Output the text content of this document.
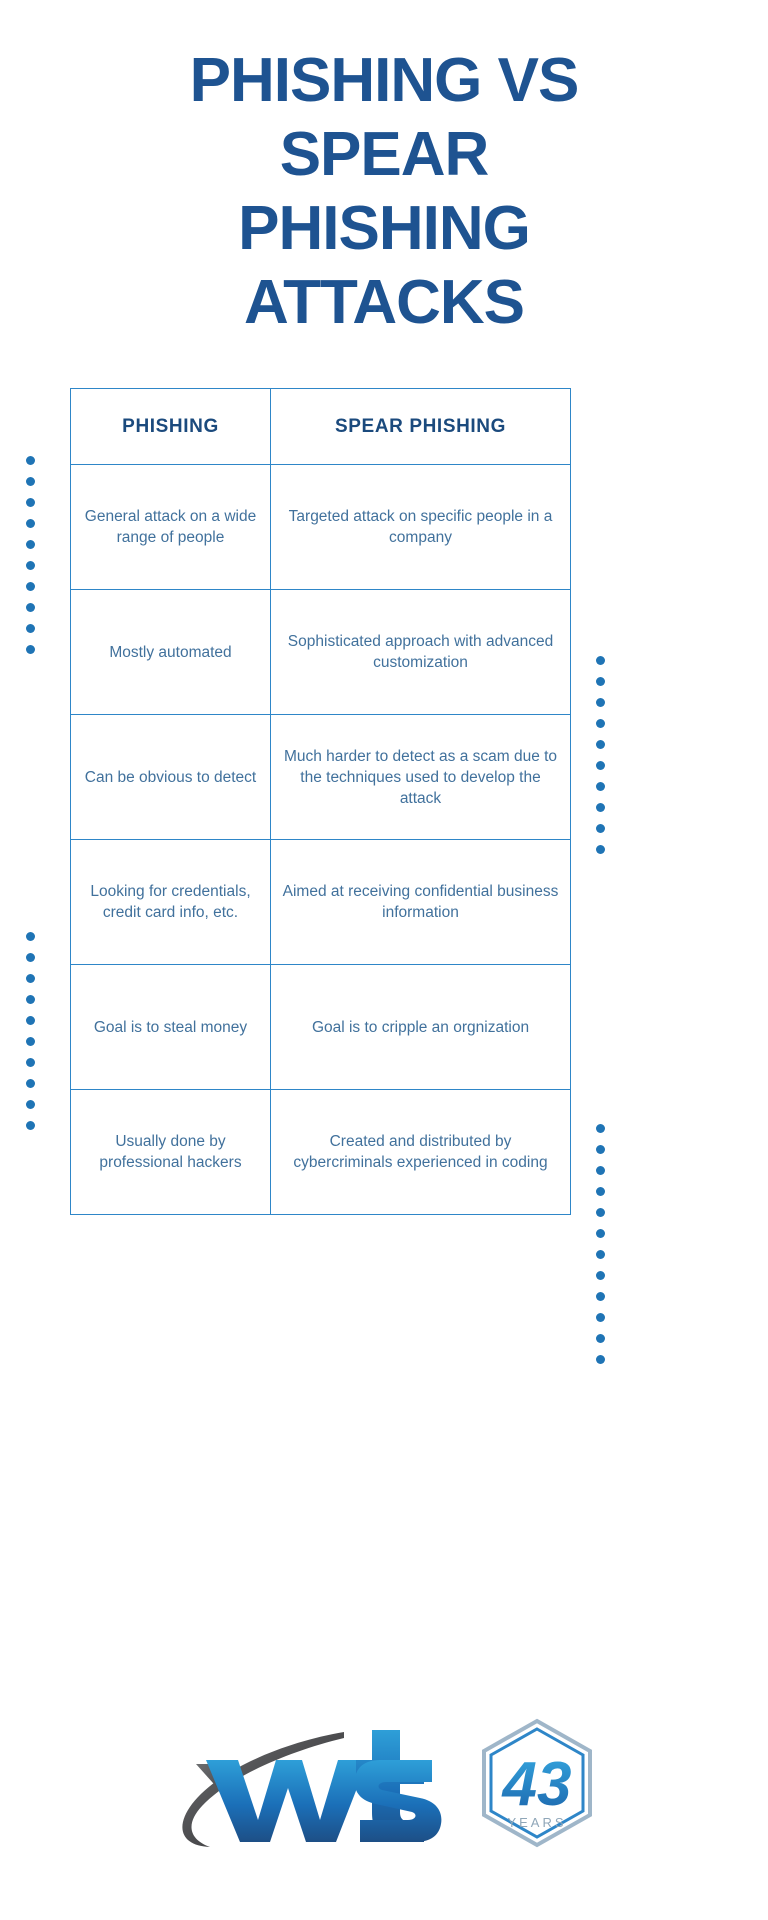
PHISHING VS
SPEAR
PHISHING
ATTACKS
PHISHING	SPEAR PHISHING
General attack on a wide range of people	Targeted attack on specific people in a company
Mostly automated	Sophisticated approach with advanced customization
Can be obvious to detect	Much harder to detect as a scam due to the techniques used to develop the attack
Looking for credentials, credit card info, etc.	Aimed at receiving confidential business information
Goal is to steal money	Goal is to cripple an orgnization
Usually done by professional hackers	Created and distributed by cybercriminals experienced in coding
43
YEARS
